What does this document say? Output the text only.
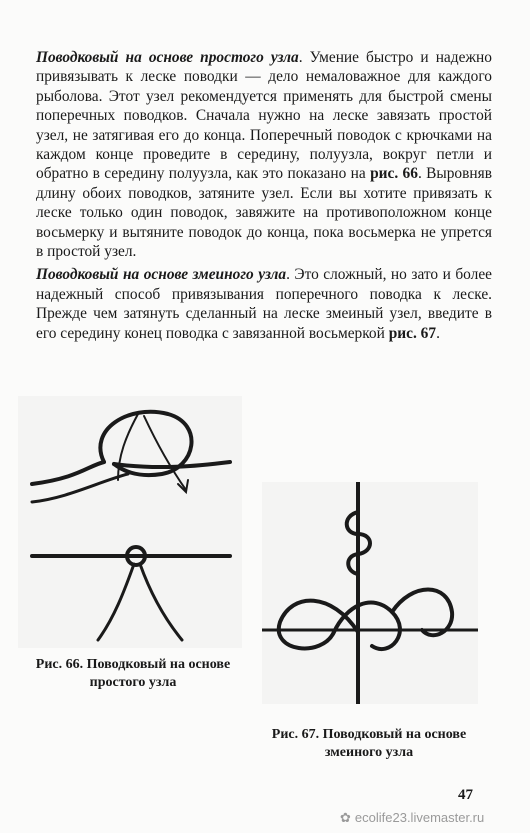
Поводковый на основе простого узла. Умение быстро и надежно привязывать к леске поводки — дело немаловажное для каждого рыболова. Этот узел рекомендуется применять для быстрой смены поперечных поводков. Сначала нужно на леске завязать простой узел, не затягивая его до конца. Поперечный поводок с крючками на каждом конце проведите в середину, полуузла, вокруг петли и обратно в середину полуузла, как это показано на рис. 66. Выровняв длину обоих поводков, затяните узел. Если вы хотите привязать к леске только один поводок, завяжите на противоположном конце восьмерку и вытяните поводок до конца, пока восьмерка не упрется в простой узел.

Поводковый на основе змеиного узла. Это сложный, но зато и более надежный способ привязывания поперечного поводка к леске. Прежде чем затянуть сделанный на леске змеиный узел, введите в его середину конец поводка с завязанной восьмеркой рис. 67.

Рис. 66. Поводковый на основе простого узла
Рис. 67. Поводковый на основе змеиного узла
47
✿ ecolife23.livemaster.ru
